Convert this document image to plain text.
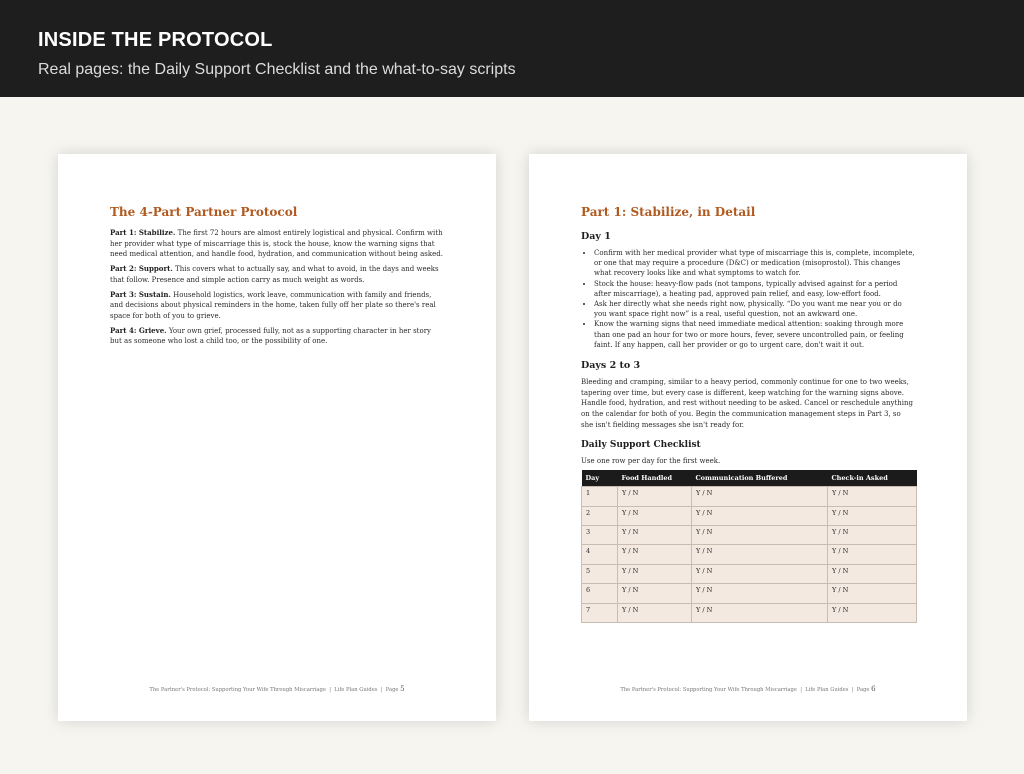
INSIDE THE PROTOCOL
Real pages: the Daily Support Checklist and the what-to-say scripts
The 4-Part Partner Protocol

Part 1: Stabilize. The first 72 hours are almost entirely logistical and physical. Confirm with her provider what type of miscarriage this is, stock the house, know the warning signs that need medical attention, and handle food, hydration, and communication without being asked.

Part 2: Support. This covers what to actually say, and what to avoid, in the days and weeks that follow. Presence and simple action carry as much weight as words.

Part 3: Sustain. Household logistics, work leave, communication with family and friends, and decisions about physical reminders in the home, taken fully off her plate so there's real space for both of you to grieve.

Part 4: Grieve. Your own grief, processed fully, not as a supporting character in her story but as someone who lost a child too, or the possibility of one.

The Partner's Protocol: Supporting Your Wife Through Miscarriage  |  Life Plan Guides  |  Page 5
Part 1: Stabilize, in Detail
Day 1
• Confirm with her medical provider what type of miscarriage this is, complete, incomplete, or one that may require a procedure (D&C) or medication (misoprostol). This changes what recovery looks like and what symptoms to watch for.
• Stock the house: heavy-flow pads (not tampons, typically advised against for a period after miscarriage), a heating pad, approved pain relief, and easy, low-effort food.
• Ask her directly what she needs right now, physically. “Do you want me near you or do you want space right now” is a real, useful question, not an awkward one.
• Know the warning signs that need immediate medical attention: soaking through more than one pad an hour for two or more hours, fever, severe uncontrolled pain, or feeling faint. If any happen, call her provider or go to urgent care, don't wait it out.
Days 2 to 3

Bleeding and cramping, similar to a heavy period, commonly continue for one to two weeks, tapering over time, but every case is different, keep watching for the warning signs above. Handle food, hydration, and rest without needing to be asked. Cancel or reschedule anything on the calendar for both of you. Begin the communication management steps in Part 3, so she isn't fielding messages she isn't ready for.

Daily Support Checklist

Use one row per day for the first week.

Day	Food Handled	Communication Buffered	Check-in Asked
1	Y / N	Y / N	Y / N
2	Y / N	Y / N	Y / N
3	Y / N	Y / N	Y / N
4	Y / N	Y / N	Y / N
5	Y / N	Y / N	Y / N
6	Y / N	Y / N	Y / N
7	Y / N	Y / N	Y / N
The Partner's Protocol: Supporting Your Wife Through Miscarriage  |  Life Plan Guides  |  Page 6
